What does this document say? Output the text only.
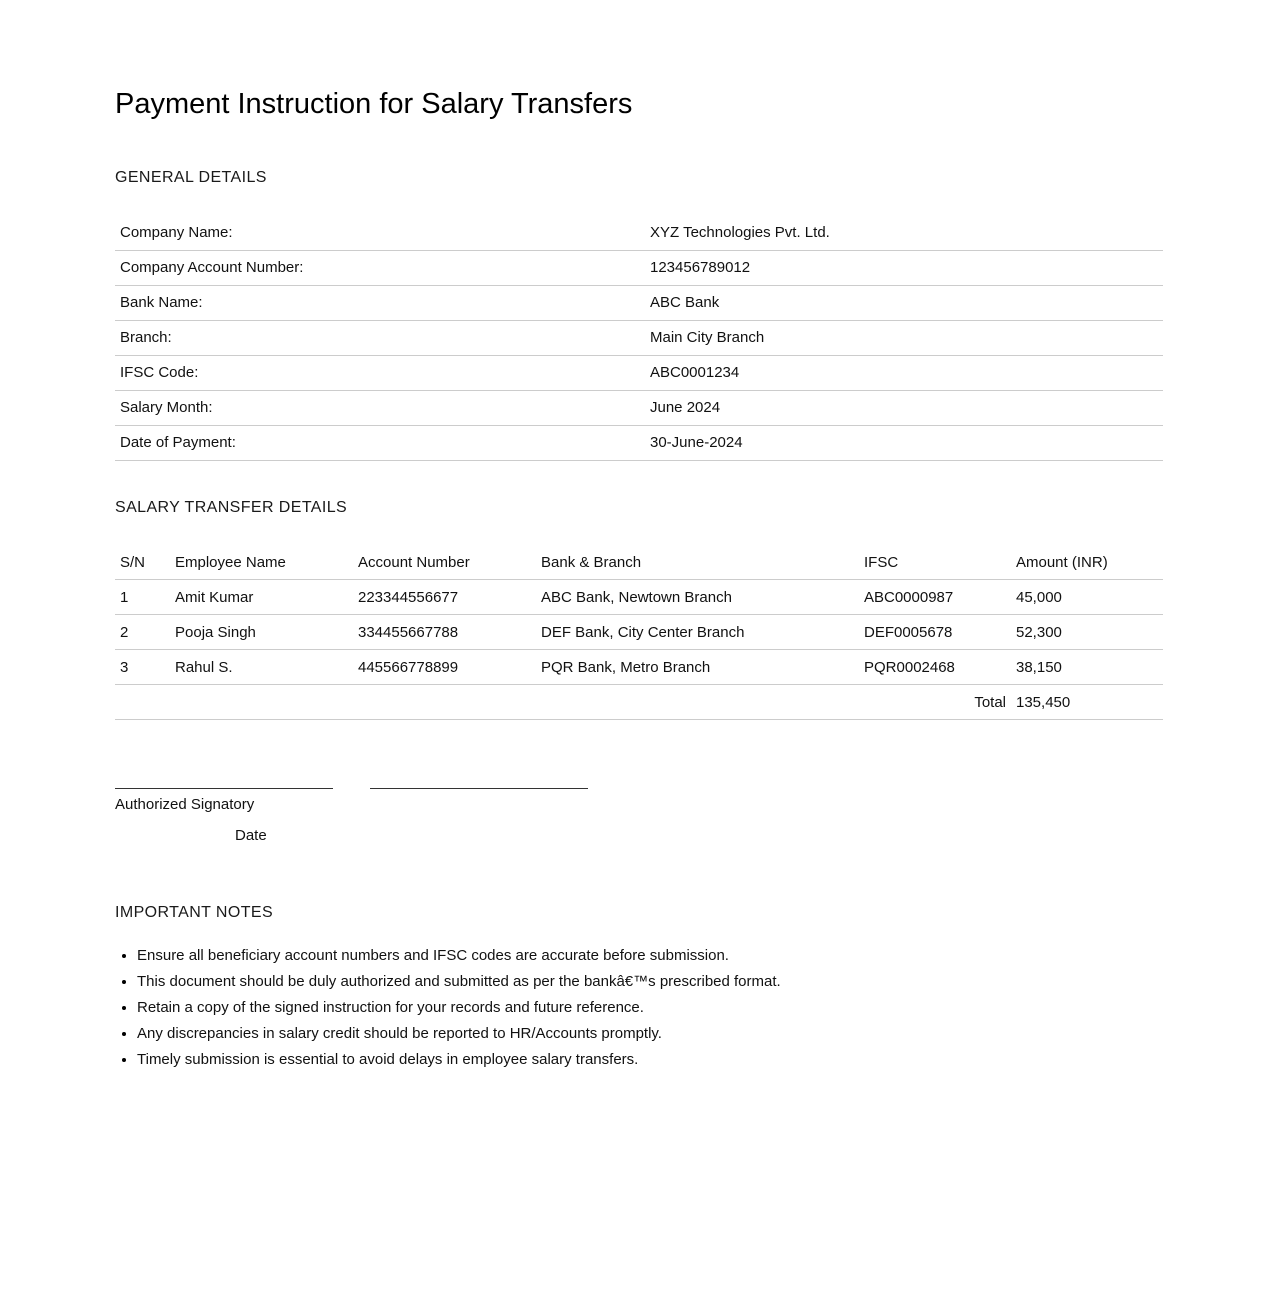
Payment Instruction for Salary Transfers
GENERAL DETAILS
Company Name:	XYZ Technologies Pvt. Ltd.
Company Account Number:	123456789012
Bank Name:	ABC Bank
Branch:	Main City Branch
IFSC Code:	ABC0001234
Salary Month:	June 2024
Date of Payment:	30-June-2024
SALARY TRANSFER DETAILS
S/N	Employee Name	Account Number	Bank & Branch	IFSC	Amount (INR)
1	Amit Kumar	223344556677	ABC Bank, Newtown Branch	ABC0000987	45,000
2	Pooja Singh	334455667788	DEF Bank, City Center Branch	DEF0005678	52,300
3	Rahul S.	445566778899	PQR Bank, Metro Branch	PQR0002468	38,150
				Total	135,450
Authorized Signatory
Date
IMPORTANT NOTES
Ensure all beneficiary account numbers and IFSC codes are accurate before submission.
This document should be duly authorized and submitted as per the bankâ€™s prescribed format.
Retain a copy of the signed instruction for your records and future reference.
Any discrepancies in salary credit should be reported to HR/Accounts promptly.
Timely submission is essential to avoid delays in employee salary transfers.
